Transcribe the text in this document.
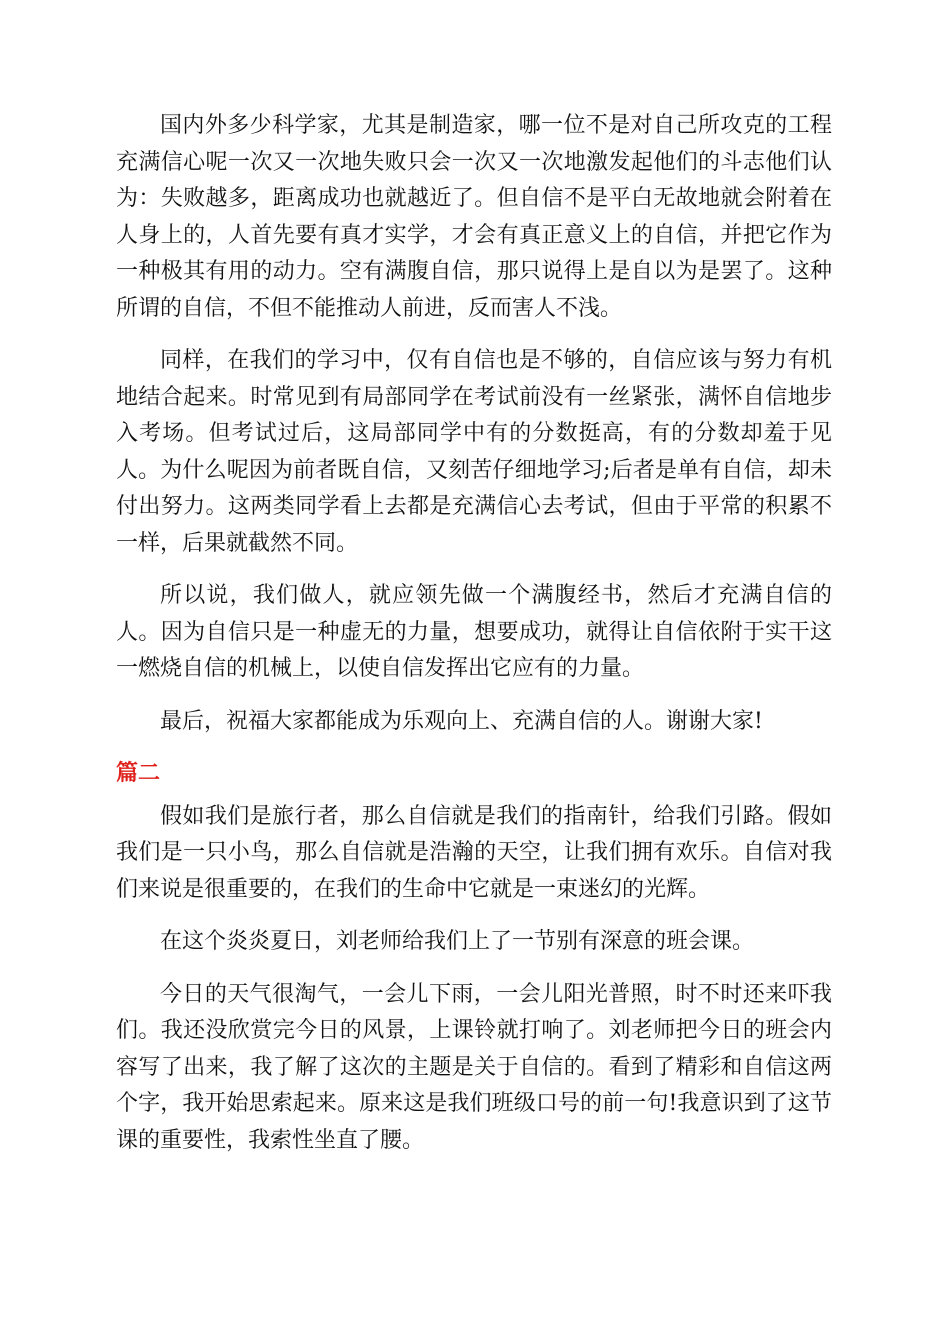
国内外多少科学家，尤其是制造家，哪一位不是对自己所攻克的工程充满信心呢一次又一次地失败只会一次又一次地激发起他们的斗志他们认为：失败越多，距离成功也就越近了。但自信不是平白无故地就会附着在人身上的，人首先要有真才实学，才会有真正意义上的自信，并把它作为一种极其有用的动力。空有满腹自信，那只说得上是自以为是罢了。这种所谓的自信，不但不能推动人前进，反而害人不浅。

同样，在我们的学习中，仅有自信也是不够的，自信应该与努力有机地结合起来。时常见到有局部同学在考试前没有一丝紧张，满怀自信地步入考场。但考试过后，这局部同学中有的分数挺高，有的分数却羞于见人。为什么呢因为前者既自信，又刻苦仔细地学习;后者是单有自信，却未付出努力。这两类同学看上去都是充满信心去考试，但由于平常的积累不一样，后果就截然不同。

所以说，我们做人，就应领先做一个满腹经书，然后才充满自信的人。因为自信只是一种虚无的力量，想要成功，就得让自信依附于实干这一燃烧自信的机械上，以使自信发挥出它应有的力量。

最后，祝福大家都能成为乐观向上、充满自信的人。谢谢大家!

篇二

假如我们是旅行者，那么自信就是我们的指南针，给我们引路。假如我们是一只小鸟，那么自信就是浩瀚的天空，让我们拥有欢乐。自信对我们来说是很重要的，在我们的生命中它就是一束迷幻的光辉。

在这个炎炎夏日，刘老师给我们上了一节别有深意的班会课。

今日的天气很淘气，一会儿下雨，一会儿阳光普照，时不时还来吓我们。我还没欣赏完今日的风景，上课铃就打响了。刘老师把今日的班会内容写了出来，我了解了这次的主题是关于自信的。看到了精彩和自信这两个字，我开始思索起来。原来这是我们班级口号的前一句!我意识到了这节课的重要性，我索性坐直了腰。
